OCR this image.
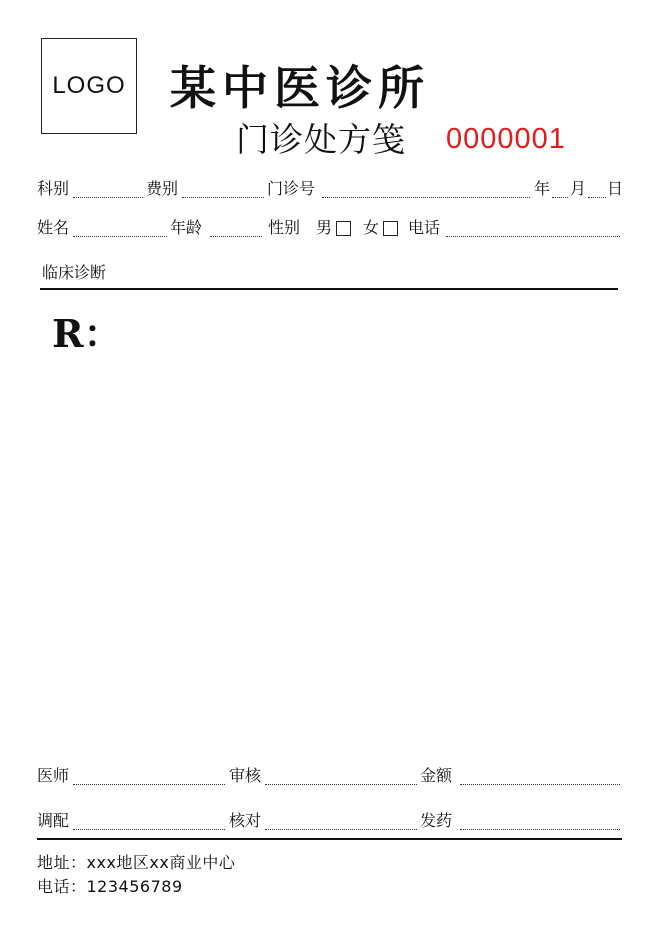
LOGO 某中医诊所
门诊处方笺 0000001
科别	费别	门诊号	年 月 日
姓名	年龄	性别 男 女 电话
临床诊断
R：
医师	审核	金额
调配	核对	发药
地址：xxx地区xx商业中心
电话：123456789
